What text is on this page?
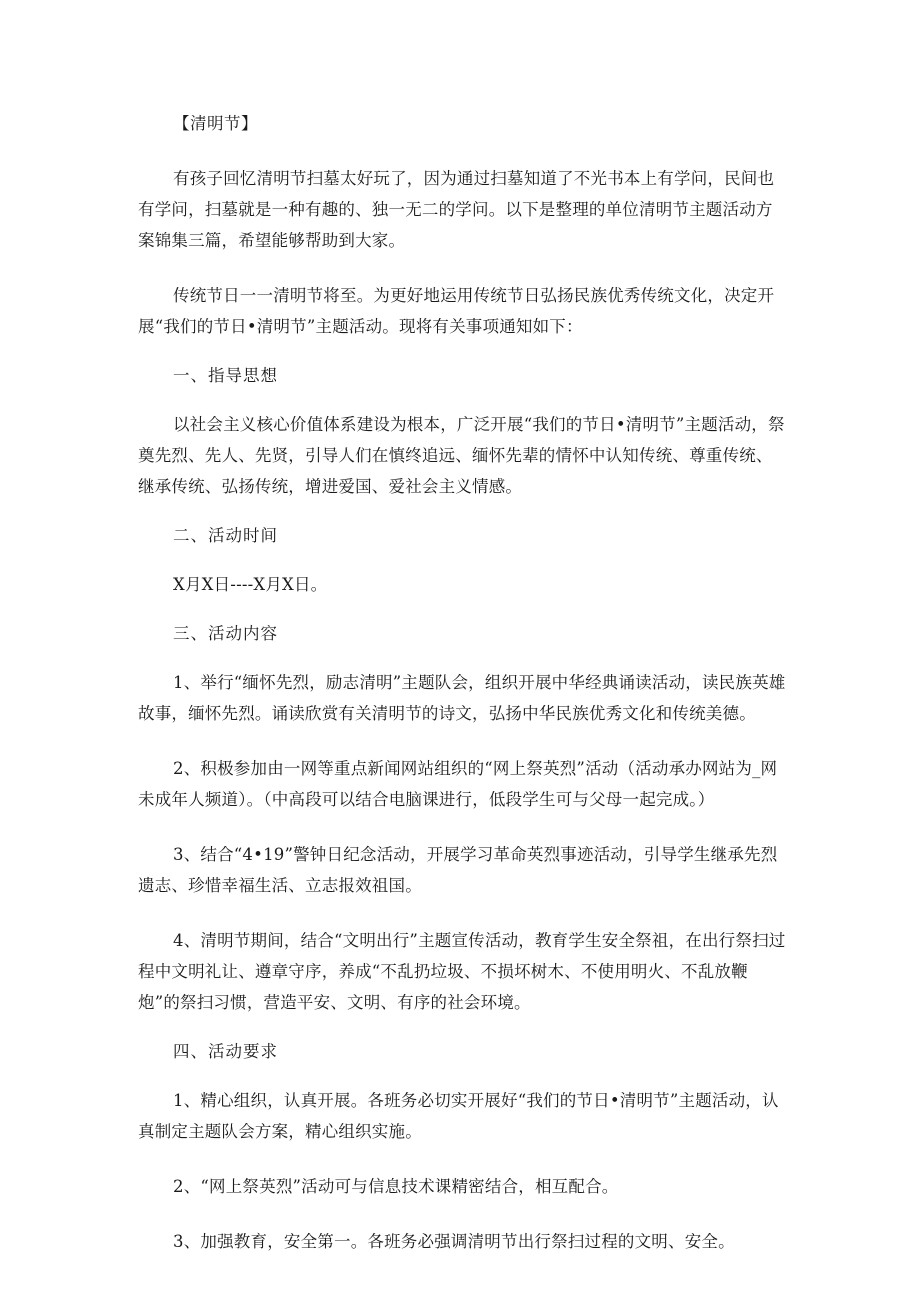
【清明节】

有孩子回忆清明节扫墓太好玩了，因为通过扫墓知道了不光书本上有学问，民间也有学问，扫墓就是一种有趣的、独一无二的学问。以下是整理的单位清明节主题活动方案锦集三篇，希望能够帮助到大家。

传统节日一一清明节将至。为更好地运用传统节日弘扬民族优秀传统文化，决定开展“我们的节日•清明节”主题活动。现将有关事项通知如下：

一、指导思想

以社会主义核心价值体系建设为根本，广泛开展“我们的节日•清明节”主题活动，祭奠先烈、先人、先贤，引导人们在慎终追远、缅怀先辈的情怀中认知传统、尊重传统、继承传统、弘扬传统，增进爱国、爱社会主义情感。

二、活动时间

X月X日----X月X日。

三、活动内容

1、举行“缅怀先烈，励志清明”主题队会，组织开展中华经典诵读活动，读民族英雄故事，缅怀先烈。诵读欣赏有关清明节的诗文，弘扬中华民族优秀文化和传统美德。

2、积极参加由一网等重点新闻网站组织的“网上祭英烈”活动（活动承办网站为_网未成年人频道）。（中高段可以结合电脑课进行，低段学生可与父母一起完成。）

3、结合“4•19”警钟日纪念活动，开展学习革命英烈事迹活动，引导学生继承先烈遗志、珍惜幸福生活、立志报效祖国。

4、清明节期间，结合“文明出行”主题宣传活动，教育学生安全祭祖，在出行祭扫过程中文明礼让、遵章守序，养成“不乱扔垃圾、不损坏树木、不使用明火、不乱放鞭炮”的祭扫习惯，营造平安、文明、有序的社会环境。

四、活动要求

1、精心组织，认真开展。各班务必切实开展好“我们的节日•清明节”主题活动，认真制定主题队会方案，精心组织实施。

2、“网上祭英烈”活动可与信息技术课精密结合，相互配合。

3、加强教育，安全第一。各班务必强调清明节出行祭扫过程的文明、安全。
